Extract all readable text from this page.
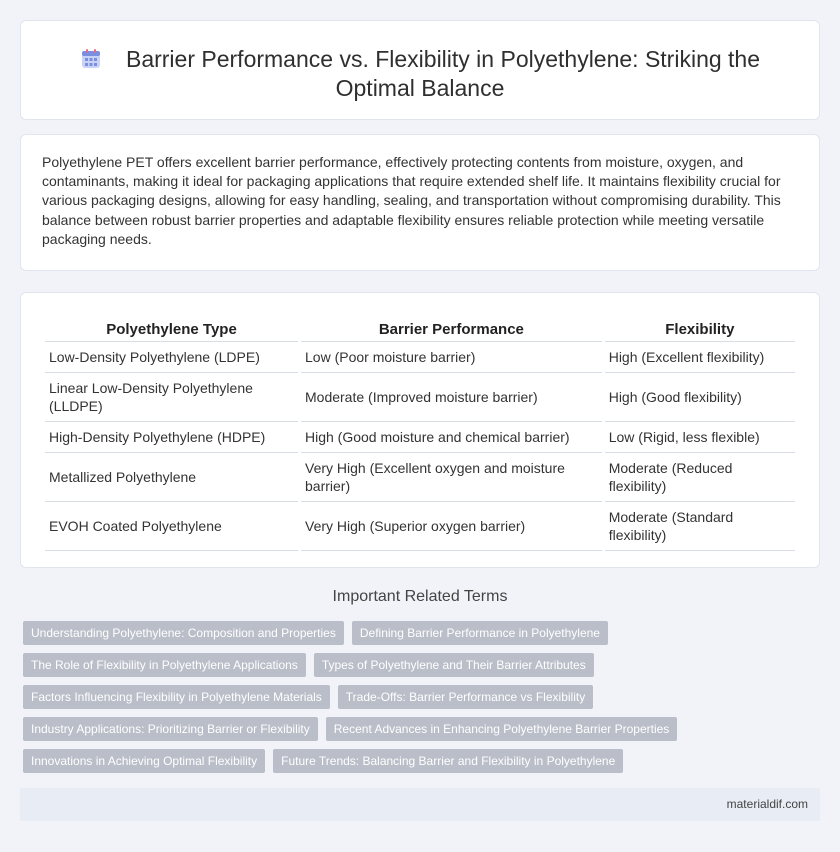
Barrier Performance vs. Flexibility in Polyethylene: Striking the Optimal Balance

Polyethylene PET offers excellent barrier performance, effectively protecting contents from moisture, oxygen, and contaminants, making it ideal for packaging applications that require extended shelf life. It maintains flexibility crucial for various packaging designs, allowing for easy handling, sealing, and transportation without compromising durability. This balance between robust barrier properties and adaptable flexibility ensures reliable protection while meeting versatile packaging needs.

Polyethylene Type	Barrier Performance	Flexibility
Low-Density Polyethylene (LDPE)	Low (Poor moisture barrier)	High (Excellent flexibility)
Linear Low-Density Polyethylene (LLDPE)	Moderate (Improved moisture barrier)	High (Good flexibility)
High-Density Polyethylene (HDPE)	High (Good moisture and chemical barrier)	Low (Rigid, less flexible)
Metallized Polyethylene	Very High (Excellent oxygen and moisture barrier)	Moderate (Reduced flexibility)
EVOH Coated Polyethylene	Very High (Superior oxygen barrier)	Moderate (Standard flexibility)
Important Related Terms
Understanding Polyethylene: Composition and Properties	Defining Barrier Performance in Polyethylene
The Role of Flexibility in Polyethylene Applications	Types of Polyethylene and Their Barrier Attributes
Factors Influencing Flexibility in Polyethylene Materials	Trade-Offs: Barrier Performance vs Flexibility
Industry Applications: Prioritizing Barrier or Flexibility	Recent Advances in Enhancing Polyethylene Barrier Properties
Innovations in Achieving Optimal Flexibility	Future Trends: Balancing Barrier and Flexibility in Polyethylene
materialdif.com
